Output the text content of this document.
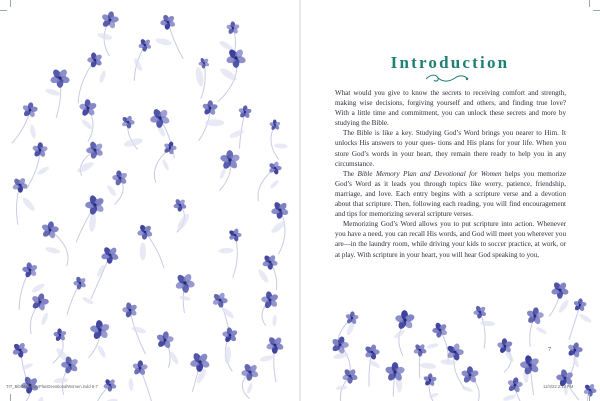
Introduction

What would you give to know the secrets to receiving comfort and strength, making wise decisions, forgiving yourself and others, and finding true love? With a little time and commitment, you can unlock these secrets and more by studying the Bible.

The Bible is like a key. Studying God’s Word brings you nearer to Him. It unlocks His answers to your ques- tions and His plans for your life. When you store God’s words in your heart, they remain there ready to help you in any circumstance.

The Bible Memory Plan and Devotional for Women helps you memorize God’s Word as it leads you through topics like worry, patience, friendship, marriage, and love. Each entry begins with a scripture verse and a devotion about that scripture. Then, following each reading, you will find encouragement and tips for memorizing several scripture verses.

Memorizing God’s Word allows you to put scripture into action. Whenever you have a need, you can recall His words, and God will meet you wherever you are—in the laundry room, while driving your kids to soccer practice, at work, or at play. With scripture in your heart, you will hear God speaking to you,

7
TIT_BibleMemoryPlanDevotionalWomen.indd 6-7	11/4/22 2:13 PM
